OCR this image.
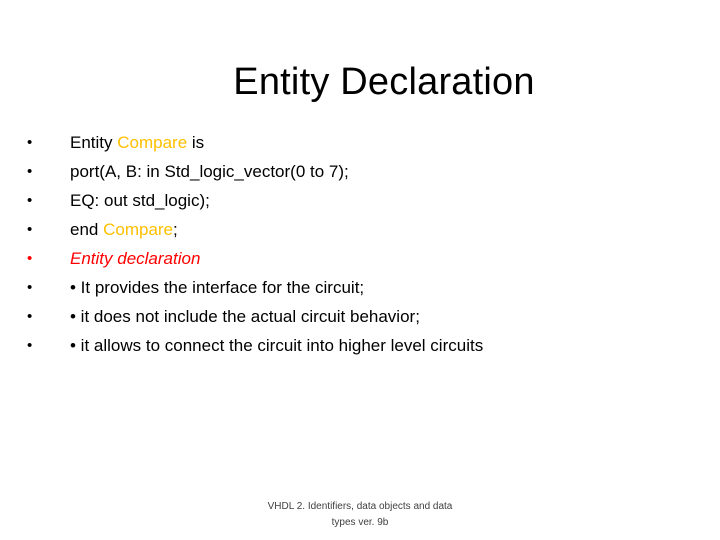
Entity Declaration
•	Entity Compare is
•	port(A, B: in Std_logic_vector(0 to 7);
•	EQ: out std_logic);
•	end Compare;
•	Entity declaration
•	• It provides the interface for the circuit;
•	• it does not include the actual circuit behavior;
•	• it allows to connect the circuit into higher level circuits
VHDL 2. Identifiers, data objects and data
types ver. 9b
